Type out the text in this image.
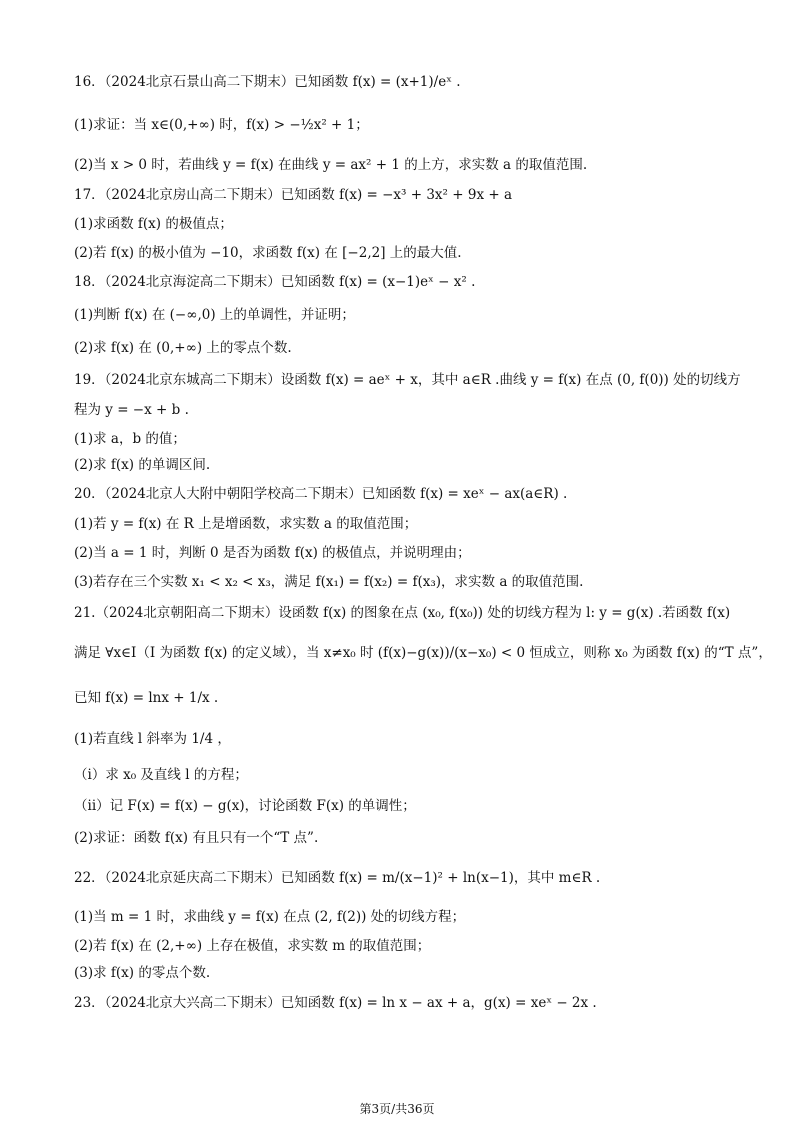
16．（2024北京石景山高二下期末）已知函数 f(x) = (x+1)/eˣ .
(1)求证：当 x∈(0,+∞) 时，f(x) > −½x² + 1；
(2)当 x > 0 时，若曲线 y = f(x) 在曲线 y = ax² + 1 的上方，求实数 a 的取值范围.
17．（2024北京房山高二下期末）已知函数 f(x) = −x³ + 3x² + 9x + a
(1)求函数 f(x) 的极值点；
(2)若 f(x) 的极小值为 −10，求函数 f(x) 在 [−2,2] 上的最大值.
18．（2024北京海淀高二下期末）已知函数 f(x) = (x−1)eˣ − x² .
(1)判断 f(x) 在 (−∞,0) 上的单调性，并证明；
(2)求 f(x) 在 (0,+∞) 上的零点个数.
19．（2024北京东城高二下期末）设函数 f(x) = aeˣ + x，其中 a∈R .曲线 y = f(x) 在点 (0, f(0)) 处的切线方
程为 y = −x + b .
(1)求 a，b 的值；
(2)求 f(x) 的单调区间.
20．（2024北京人大附中朝阳学校高二下期末）已知函数 f(x) = xeˣ − ax(a∈R) .
(1)若 y = f(x) 在 R 上是增函数，求实数 a 的取值范围；
(2)当 a = 1 时，判断 0 是否为函数 f(x) 的极值点，并说明理由；
(3)若存在三个实数 x₁ < x₂ < x₃，满足 f(x₁) = f(x₂) = f(x₃)，求实数 a 的取值范围.
21.（2024北京朝阳高二下期末）设函数 f(x) 的图象在点 (x₀, f(x₀)) 处的切线方程为 l: y = g(x) .若函数 f(x)
满足 ∀x∈I（I 为函数 f(x) 的定义域），当 x≠x₀ 时 (f(x)−g(x))/(x−x₀) < 0 恒成立，则称 x₀ 为函数 f(x) 的“T 点”，
已知 f(x) = lnx + 1/x .
(1)若直线 l 斜率为 1/4 ，
（i）求 x₀ 及直线 l 的方程；
（ii）记 F(x) = f(x) − g(x)，讨论函数 F(x) 的单调性；
(2)求证：函数 f(x) 有且只有一个“T 点”.
22．（2024北京延庆高二下期末）已知函数 f(x) = m/(x−1)² + ln(x−1)，其中 m∈R .
(1)当 m = 1 时，求曲线 y = f(x) 在点 (2, f(2)) 处的切线方程；
(2)若 f(x) 在 (2,+∞) 上存在极值，求实数 m 的取值范围；
(3)求 f(x) 的零点个数.
23．（2024北京大兴高二下期末）已知函数 f(x) = ln x − ax + a，g(x) = xeˣ − 2x .
第3页/共36页
